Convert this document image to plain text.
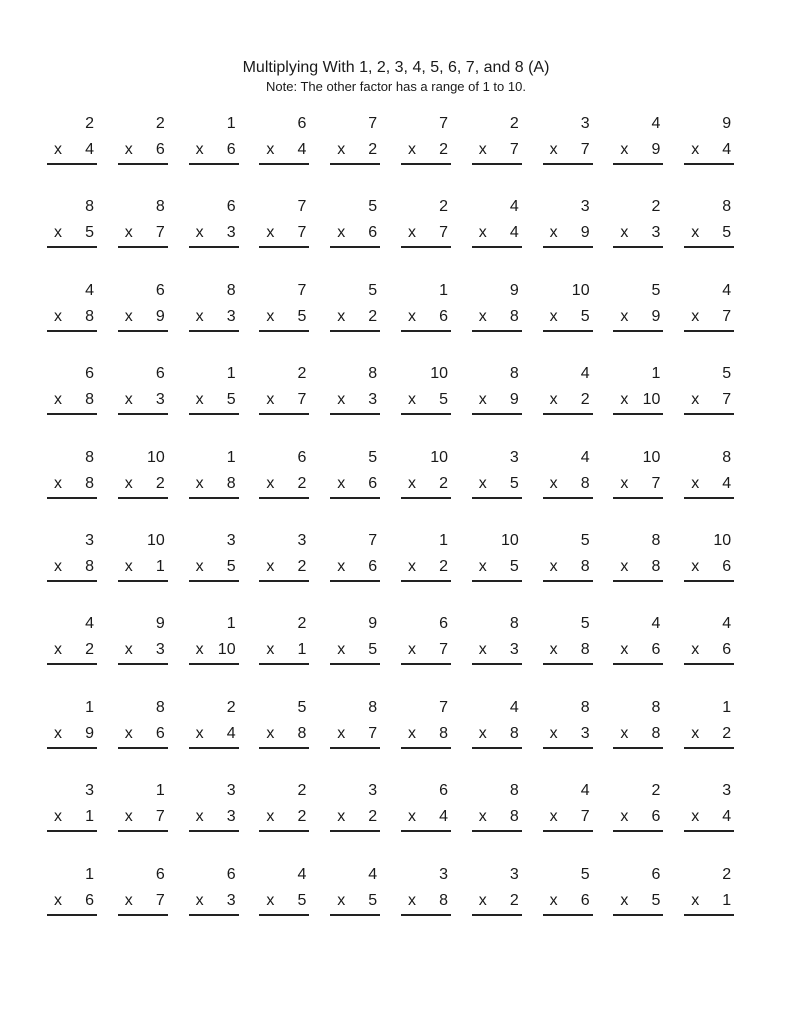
Multiplying With 1, 2, 3, 4, 5, 6, 7, and 8 (A)
Note: The other factor has a range of 1 to 10.
2
x 4
2
x 6
1
x 6
6
x 4
7
x 2
7
x 2
2
x 7
3
x 7
4
x 9
9
x 4
8
x 5
8
x 7
6
x 3
7
x 7
5
x 6
2
x 7
4
x 4
3
x 9
2
x 3
8
x 5
4
x 8
6
x 9
8
x 3
7
x 5
5
x 2
1
x 6
9
x 8
10
x 5
5
x 9
4
x 7
6
x 8
6
x 3
1
x 5
2
x 7
8
x 3
10
x 5
8
x 9
4
x 2
1
x 10
5
x 7
8
x 8
10
x 2
1
x 8
6
x 2
5
x 6
10
x 2
3
x 5
4
x 8
10
x 7
8
x 4
3
x 8
10
x 1
3
x 5
3
x 2
7
x 6
1
x 2
10
x 5
5
x 8
8
x 8
10
x 6
4
x 2
9
x 3
1
x 10
2
x 1
9
x 5
6
x 7
8
x 3
5
x 8
4
x 6
4
x 6
1
x 9
8
x 6
2
x 4
5
x 8
8
x 7
7
x 8
4
x 8
8
x 3
8
x 8
1
x 2
3
x 1
1
x 7
3
x 3
2
x 2
3
x 2
6
x 4
8
x 8
4
x 7
2
x 6
3
x 4
1
x 6
6
x 7
6
x 3
4
x 5
4
x 5
3
x 8
3
x 2
5
x 6
6
x 5
2
x 1
